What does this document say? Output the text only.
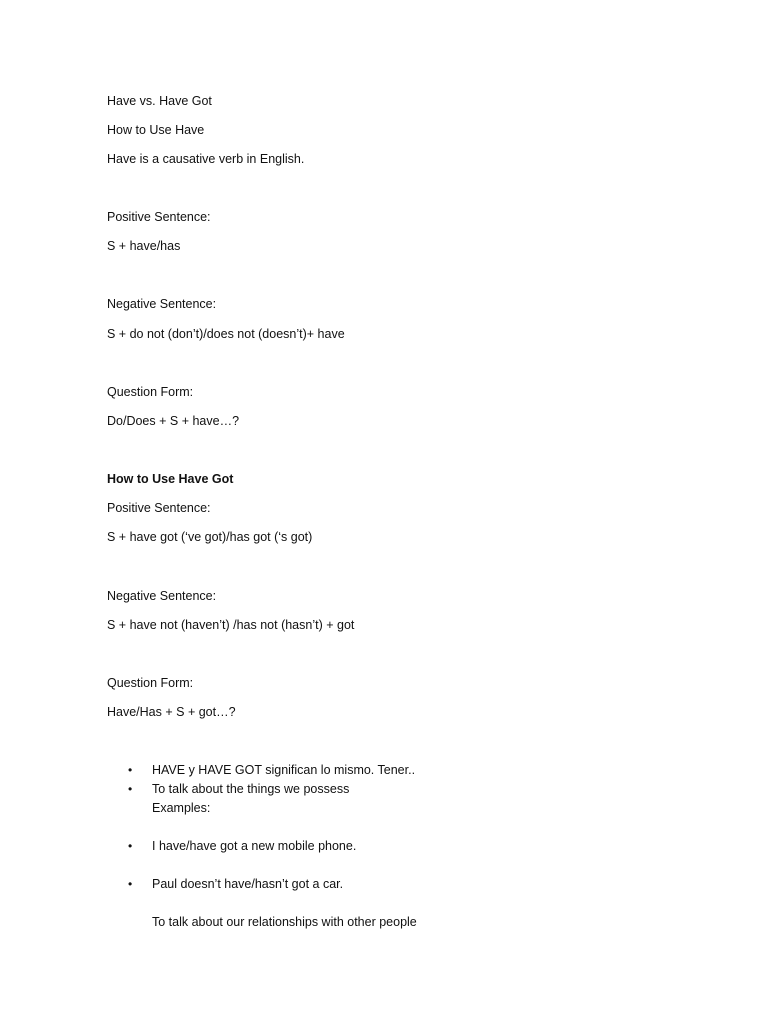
Have vs. Have Got
How to Use Have
Have is a causative verb in English.
Positive Sentence:
S + have/has
Negative Sentence:
S + do not (don’t)/does not (doesn’t)+ have
Question Form:
Do/Does + S + have…?
How to Use Have Got
Positive Sentence:
S + have got (‘ve got)/has got (‘s got)
Negative Sentence:
S + have not (haven’t) /has not (hasn’t) + got
Question Form:
Have/Has + S + got…?
• HAVE y HAVE GOT significan lo mismo. Tener..
• To talk about the things we possess
Examples:
• I have/have got a new mobile phone.
• Paul doesn’t have/hasn’t got a car.
To talk about our relationships with other people
